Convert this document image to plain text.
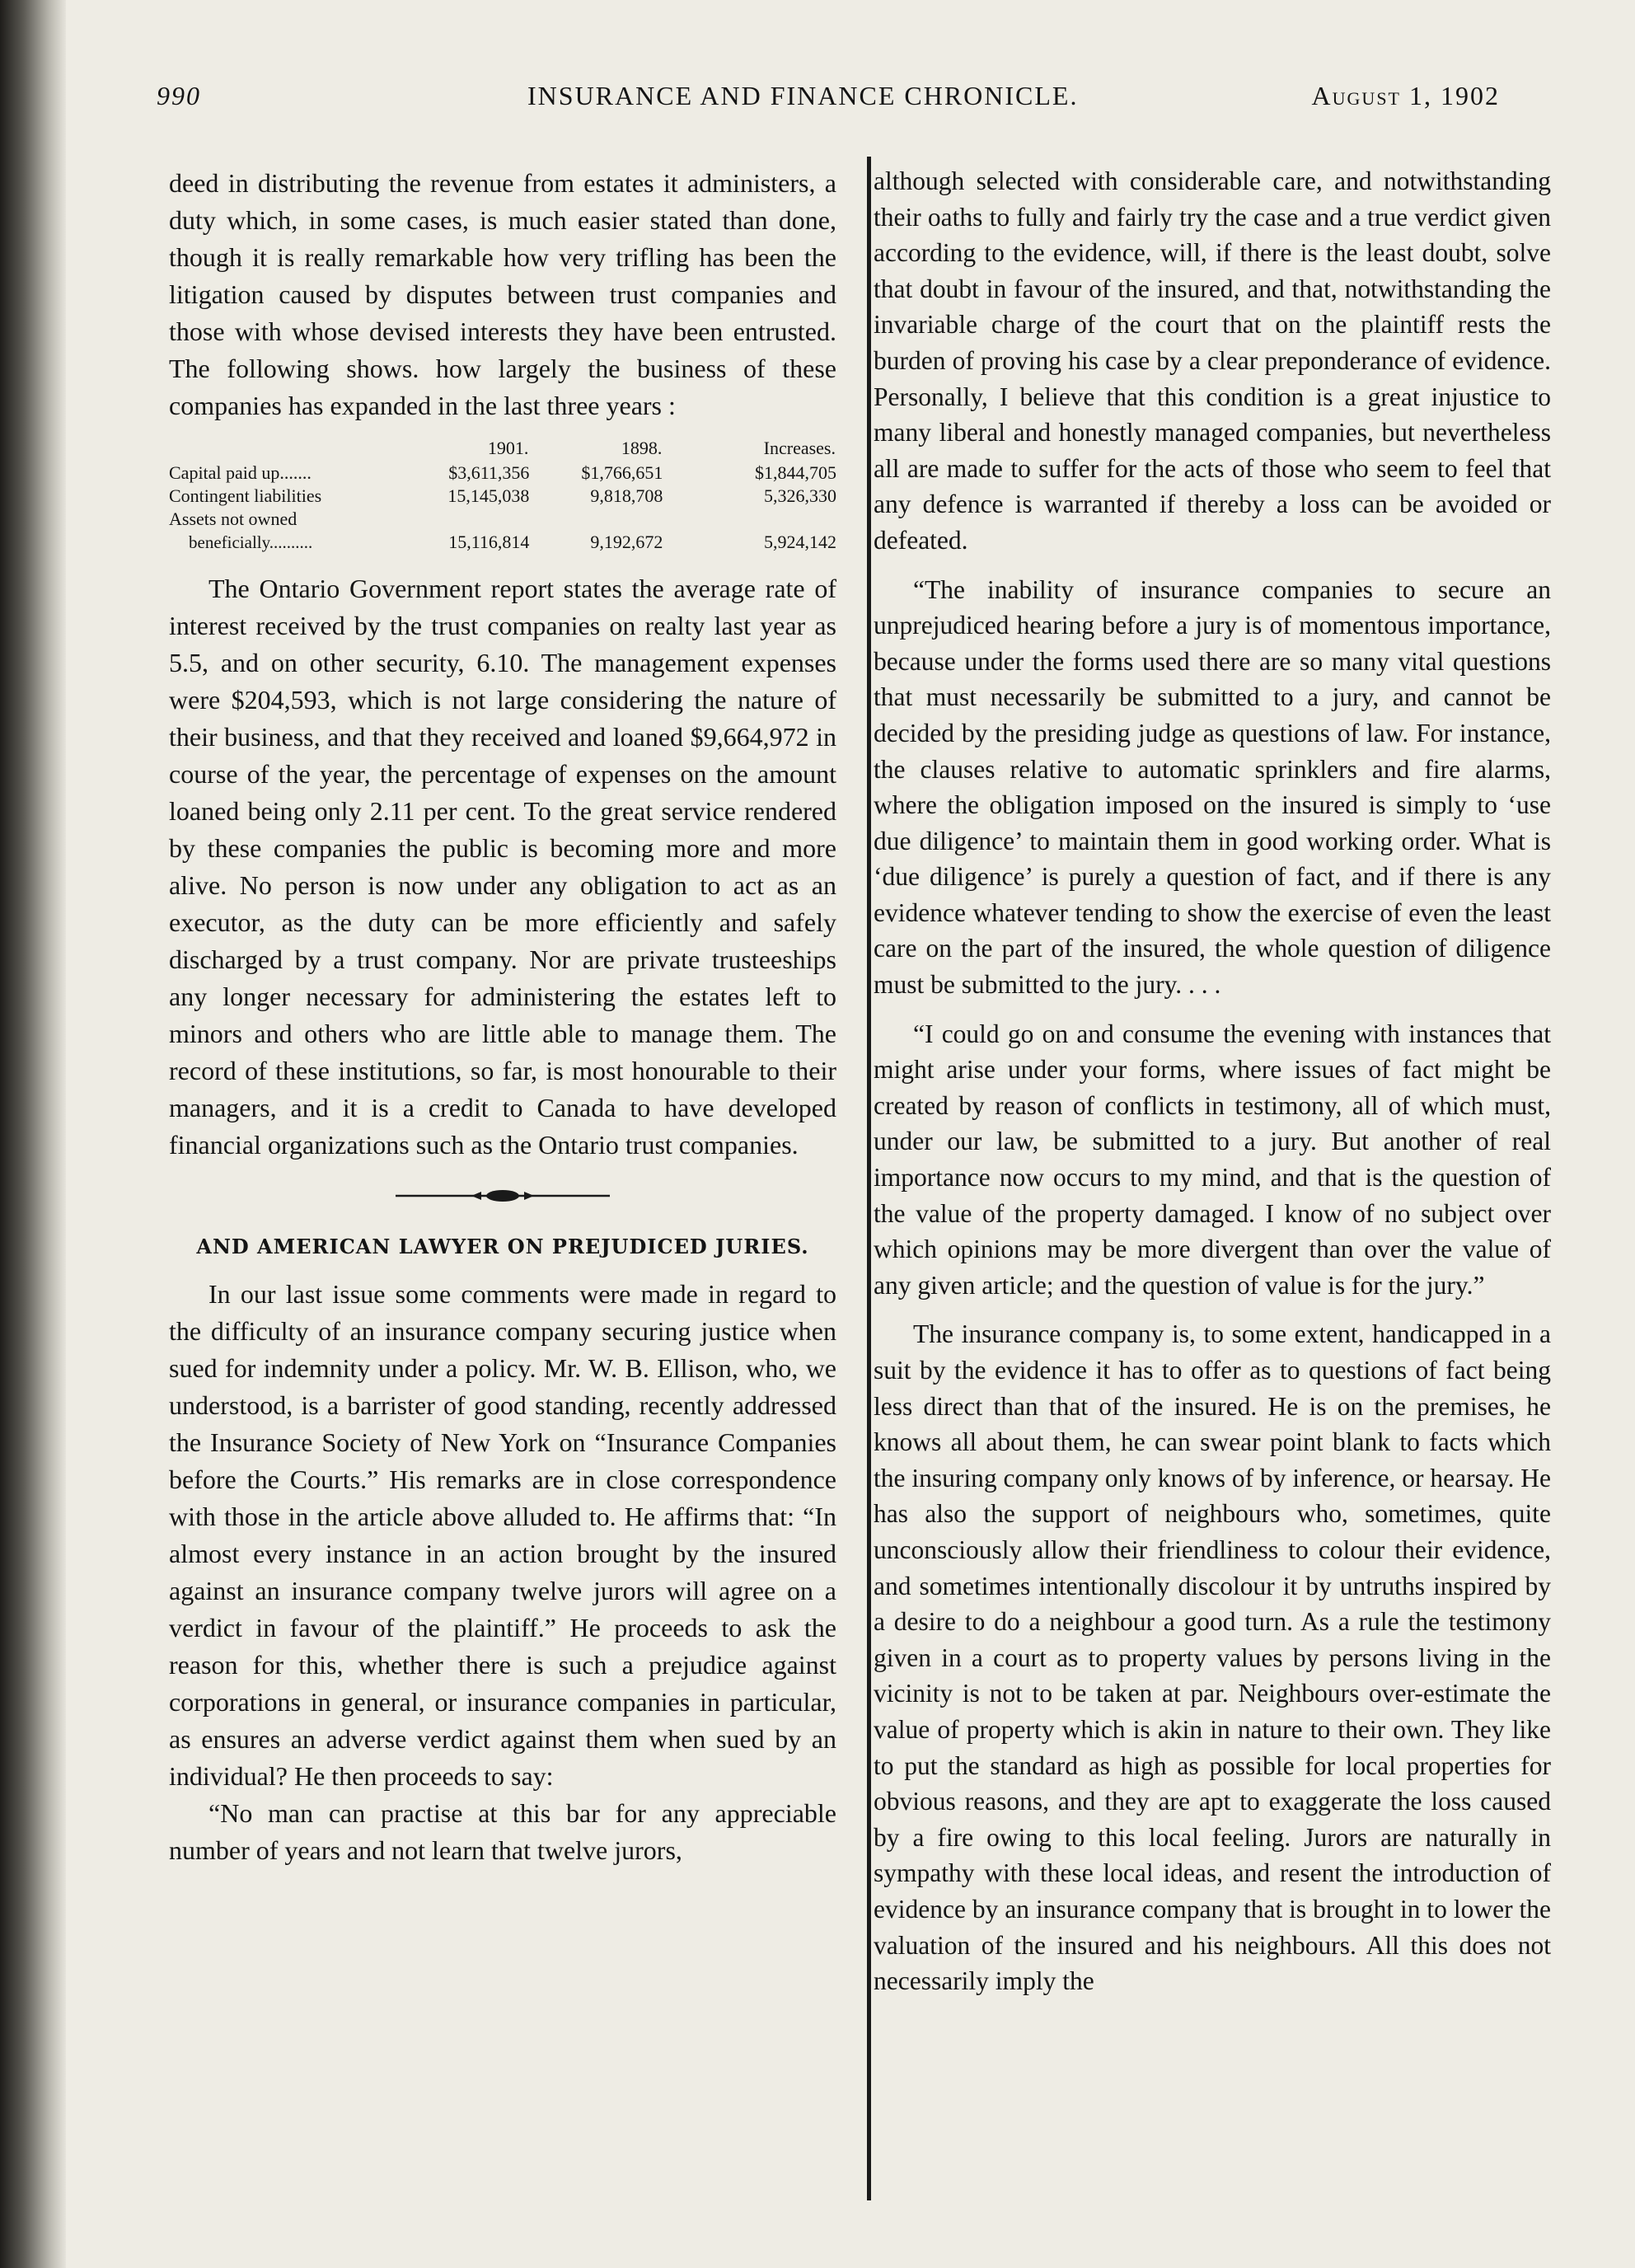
990	INSURANCE AND FINANCE CHRONICLE.	August 1, 1902

deed in distributing the revenue from estates it administers, a duty which, in some cases, is much easier stated than done, though it is really remarkable how very trifling has been the litigation caused by disputes between trust companies and those with whose devised interests they have been entrusted. The following shows. how largely the business of these companies has expanded in the last three years :

	1901.	1898.	Increases.
Capital paid up.......	$3,611,356	$1,766,651	$1,844,705
Contingent liabilities	15,145,038	9,818,708	5,326,330
Assets not owned			
beneficially..........	15,116,814	9,192,672	5,924,142

The Ontario Government report states the average rate of interest received by the trust companies on realty last year as 5.5, and on other security, 6.10. The management expenses were $204,593, which is not large considering the nature of their business, and that they received and loaned $9,664,972 in course of the year, the percentage of expenses on the amount loaned being only 2.11 per cent. To the great service rendered by these companies the public is becoming more and more alive. No person is now under any obligation to act as an executor, as the duty can be more efficiently and safely discharged by a trust company. Nor are private trusteeships any longer necessary for administering the estates left to minors and others who are little able to manage them. The record of these institutions, so far, is most honourable to their managers, and it is a credit to Canada to have developed financial organizations such as the Ontario trust companies.

AND AMERICAN LAWYER ON PREJUDICED JURIES.

In our last issue some comments were made in regard to the difficulty of an insurance company securing justice when sued for indemnity under a policy. Mr. W. B. Ellison, who, we understood, is a barrister of good standing, recently addressed the Insurance Society of New York on “Insurance Companies before the Courts.” His remarks are in close correspondence with those in the article above alluded to. He affirms that: “In almost every instance in an action brought by the insured against an insurance company twelve jurors will agree on a verdict in favour of the plaintiff.” He proceeds to ask the reason for this, whether there is such a prejudice against corporations in general, or insurance companies in particular, as ensures an adverse verdict against them when sued by an individual? He then proceeds to say:

“No man can practise at this bar for any appreciable number of years and not learn that twelve jurors,

although selected with considerable care, and notwithstanding their oaths to fully and fairly try the case and a true verdict given according to the evidence, will, if there is the least doubt, solve that doubt in favour of the insured, and that, notwithstanding the invariable charge of the court that on the plaintiff rests the burden of proving his case by a clear preponderance of evidence. Personally, I believe that this condition is a great injustice to many liberal and honestly managed companies, but nevertheless all are made to suffer for the acts of those who seem to feel that any defence is warranted if thereby a loss can be avoided or defeated.

“The inability of insurance companies to secure an unprejudiced hearing before a jury is of momentous importance, because under the forms used there are so many vital questions that must necessarily be submitted to a jury, and cannot be decided by the presiding judge as questions of law. For instance, the clauses relative to automatic sprinklers and fire alarms, where the obligation imposed on the insured is simply to ‘use due diligence’ to maintain them in good working order. What is ‘due diligence’ is purely a question of fact, and if there is any evidence whatever tending to show the exercise of even the least care on the part of the insured, the whole question of diligence must be submitted to the jury. . . .

“I could go on and consume the evening with instances that might arise under your forms, where issues of fact might be created by reason of conflicts in testimony, all of which must, under our law, be submitted to a jury. But another of real importance now occurs to my mind, and that is the question of the value of the property damaged. I know of no subject over which opinions may be more divergent than over the value of any given article; and the question of value is for the jury.”

The insurance company is, to some extent, handicapped in a suit by the evidence it has to offer as to questions of fact being less direct than that of the insured. He is on the premises, he knows all about them, he can swear point blank to facts which the insuring company only knows of by inference, or hearsay. He has also the support of neighbours who, sometimes, quite unconsciously allow their friendliness to colour their evidence, and sometimes intentionally discolour it by untruths inspired by a desire to do a neighbour a good turn. As a rule the testimony given in a court as to property values by persons living in the vicinity is not to be taken at par. Neighbours over-estimate the value of property which is akin in nature to their own. They like to put the standard as high as possible for local properties for obvious reasons, and they are apt to exaggerate the loss caused by a fire owing to this local feeling. Jurors are naturally in sympathy with these local ideas, and resent the introduction of evidence by an insurance company that is brought in to lower the valuation of the insured and his neighbours. All this does not necessarily imply the
